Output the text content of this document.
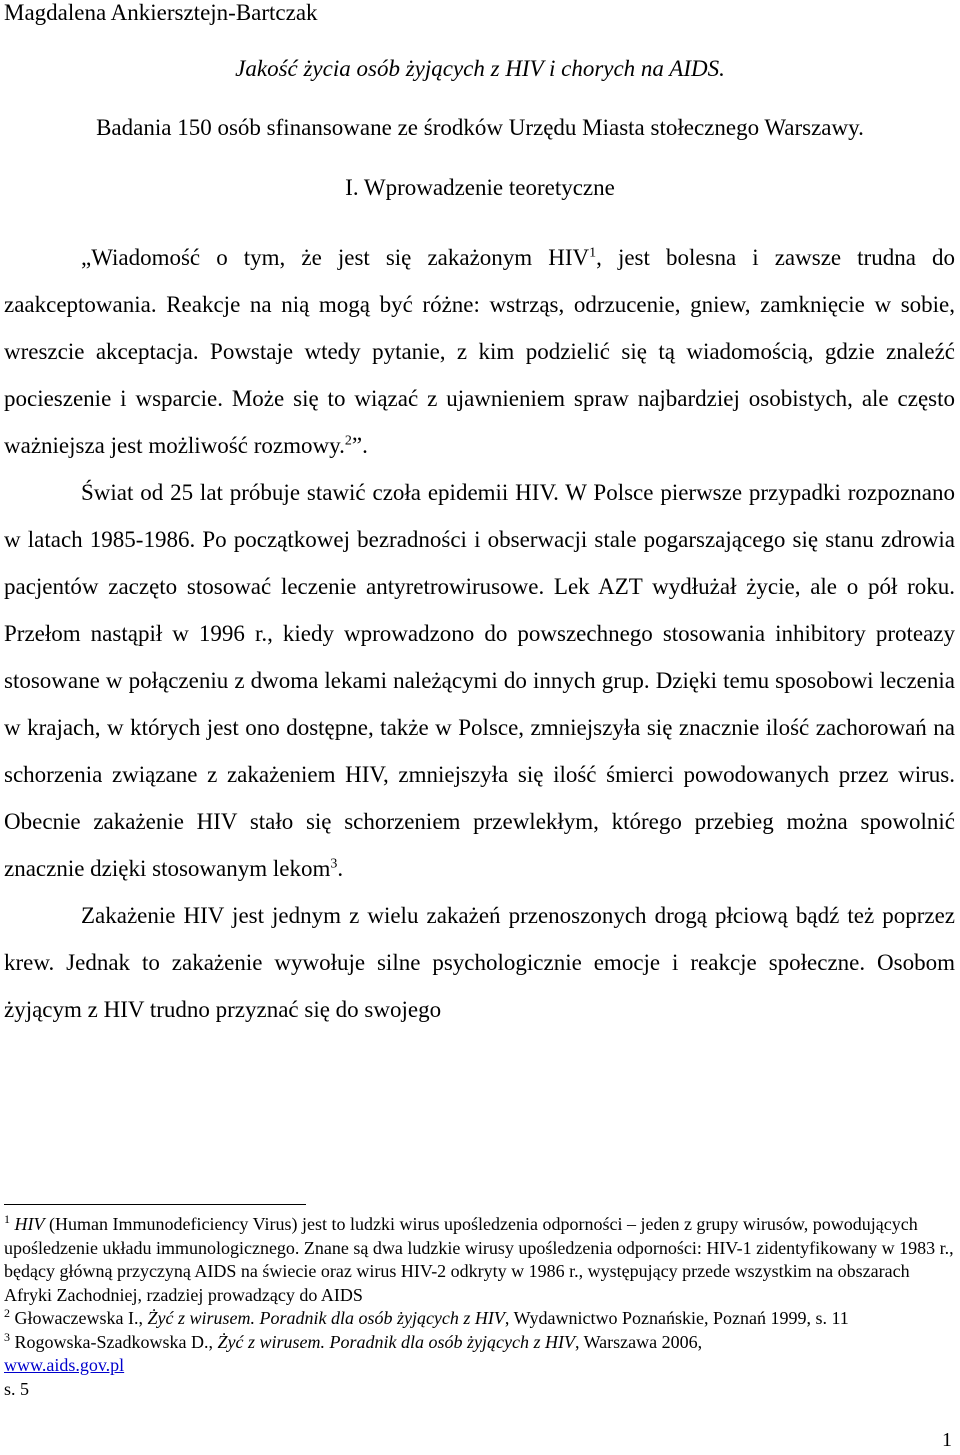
Magdalena Ankiersztejn-Bartczak
Jakość życia osób żyjących z HIV i chorych na AIDS.
Badania 150 osób sfinansowane ze środków Urzędu Miasta stołecznego Warszawy.
I. Wprowadzenie teoretyczne

„Wiadomość o tym, że jest się zakażonym HIV$^1$, jest bolesna i zawsze trudna do zaakceptowania. Reakcje na nią mogą być różne: wstrząs, odrzucenie, gniew, zamknięcie w sobie, wreszcie akceptacja. Powstaje wtedy pytanie, z kim podzielić się tą wiadomością, gdzie znaleźć pocieszenie i wsparcie. Może się to wiązać z ujawnieniem spraw najbardziej osobistych, ale często ważniejsza jest możliwość rozmowy.$^2$”.

Świat od 25 lat próbuje stawić czoła epidemii HIV. W Polsce pierwsze przypadki rozpoznano w latach 1985-1986. Po początkowej bezradności i obserwacji stale pogarszającego się stanu zdrowia pacjentów zaczęto stosować leczenie antyretrowirusowe. Lek AZT wydłużał życie, ale o pół roku. Przełom nastąpił w 1996 r., kiedy wprowadzono do powszechnego stosowania inhibitory proteazy stosowane w połączeniu z dwoma lekami należącymi do innych grup. Dzięki temu sposobowi leczenia w krajach, w których jest ono dostępne, także w Polsce, zmniejszyła się znacznie ilość zachorowań na schorzenia związane z zakażeniem HIV, zmniejszyła się ilość śmierci powodowanych przez wirus. Obecnie zakażenie HIV stało się schorzeniem przewlekłym, którego przebieg można spowolnić znacznie dzięki stosowanym lekom$^3$.

Zakażenie HIV jest jednym z wielu zakażeń przenoszonych drogą płciową bądź też poprzez krew. Jednak to zakażenie wywołuje silne psychologicznie emocje i reakcje społeczne. Osobom żyjącym z HIV trudno przyznać się do swojego

$^1$ HIV (Human Immunodeficiency Virus) jest to ludzki wirus upośledzenia odporności – jeden z grupy wirusów, powodujących upośledzenie układu immunologicznego. Znane są dwa ludzkie wirusy upośledzenia odporności: HIV-1 zidentyfikowany w 1983 r., będący główną przyczyną AIDS na świecie oraz wirus HIV-2 odkryty w 1986 r., występujący przede wszystkim na obszarach Afryki Zachodniej, rzadziej prowadzący do AIDS

$^2$ Głowaczewska I., Żyć z wirusem. Poradnik dla osób żyjących z HIV, Wydawnictwo Poznańskie, Poznań 1999, s. 11

$^3$ Rogowska-Szadkowska D., Żyć z wirusem. Poradnik dla osób żyjących z HIV, Warszawa 2006,
www.aids.gov.pl
s. 5

1
